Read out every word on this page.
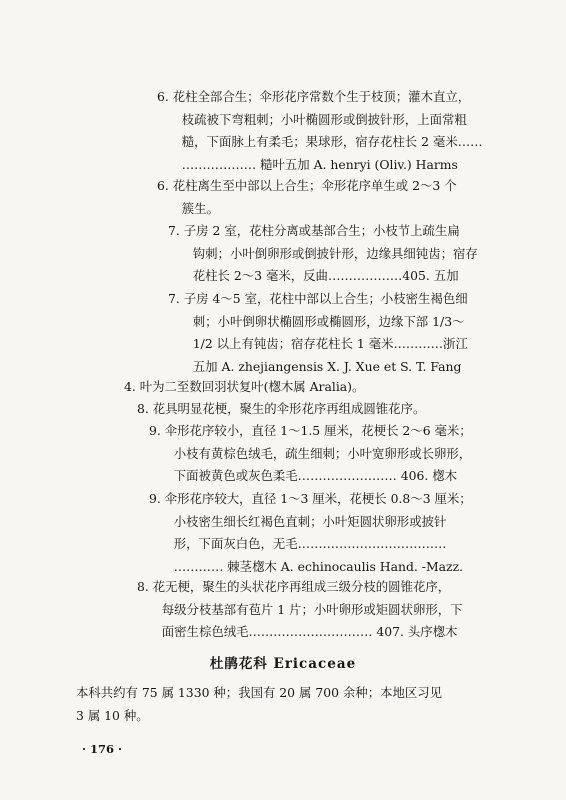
6. 花柱全部合生；伞形花序常数个生于枝顶；灌木直立，
　　枝疏被下弯粗刺；小叶椭圆形或倒披针形，上面常粗
　　糙，下面脉上有柔毛；果球形，宿存花柱长 2 毫米……
　　……………… 糙叶五加 A. henryi (Oliv.) Harms
6. 花柱离生至中部以上合生；伞形花序单生或 2～3 个
　　簇生。
7. 子房 2 室，花柱分离或基部合生；小枝节上疏生扁
　　钩刺；小叶倒卵形或倒披针形，边缘具细钝齿；宿存
　　花柱长 2～3 毫米，反曲………………405. 五加
7. 子房 4～5 室，花柱中部以上合生；小枝密生褐色细
　　刺；小叶倒卵状椭圆形或椭圆形，边缘下部 1/3～
　　1/2 以上有钝齿；宿存花柱长 1 毫米…………浙江
　　五加 A. zhejiangensis X. J. Xue et S. T. Fang
4. 叶为二至数回羽状复叶(楤木属 Aralia)。
8. 花具明显花梗，聚生的伞形花序再组成圆锥花序。
9. 伞形花序较小，直径 1～1.5 厘米，花梗长 2～6 毫米；
　　小枝有黄棕色绒毛，疏生细刺；小叶宽卵形或长卵形，
　　下面被黄色或灰色柔毛…………………… 406. 楤木
9. 伞形花序较大，直径 1～3 厘米，花梗长 0.8～3 厘米；
　　小枝密生细长红褐色直刺；小叶矩圆状卵形或披针
　　形，下面灰白色，无毛………………………………
　　………… 棘茎楤木 A. echinocaulis Hand. -Mazz.
8. 花无梗，聚生的头状花序再组成三级分枝的圆锥花序，
　　每级分枝基部有苞片 1 片；小叶卵形或矩圆状卵形，下
　　面密生棕色绒毛………………………… 407. 头序楤木
杜鹃花科 Ericaceae
本科共约有 75 属 1330 种；我国有 20 属 700 余种；本地区习见
3 属 10 种。
· 176 ·
